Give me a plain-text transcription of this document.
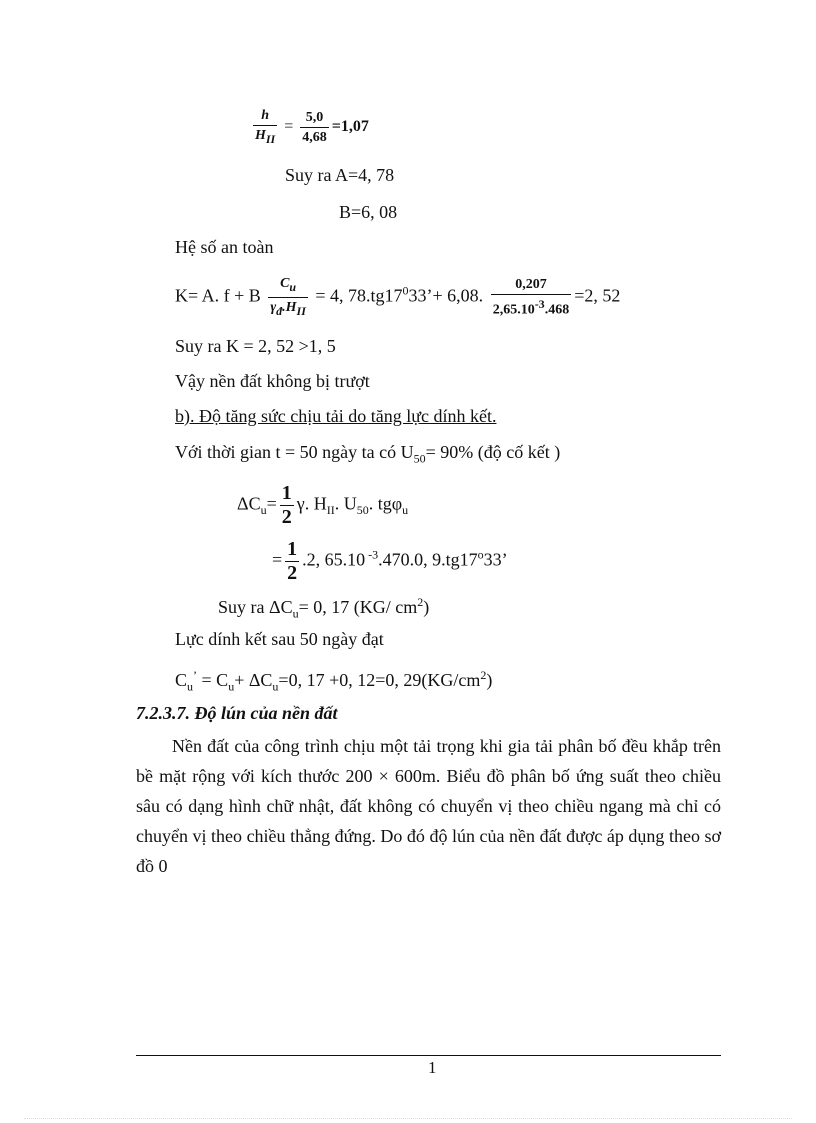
$\frac{h}{H_{II}} = \frac{5,0}{4,68} =1,07$
Suy ra A=4, 78
B=6, 08
Hệ số an toàn
K= A. f + B $\frac{C_u}{\gamma_đ.H_{II}} = 4$, $78.tg17^033’+ 6,08$. $\frac{0,207}{2,65.10^{-3}.468} =2$, 52
Suy ra K = 2, 52 >1, 5
Vậy nền đất không bị trượt
b). Độ tăng sức chịu tải do tăng lực dính kết.
Với thời gian t = 50 ngày ta có $U_{50}= 90\%$ (độ cố kết )
$\Delta C_u= \frac{1}{2} \gamma$. $H_{II}$. $U_{50}$. tgφ$_u$
= $\frac{1}{2} .2$, 65.10 $^{-3}$.470.0, 9.tg17$^o$33’
Suy ra $\Delta C_u= 0$, 17 (KG/ $cm^2$)
Lực dính kết sau 50 ngày đạt
$C_u^’ = C_u+ \Delta C_u=0$, 17 +0, 12=0, $29(KG/cm^2)$
7.2.3.7. Độ lún của nền đất
Nền đất của công trình chịu một tải trọng khi gia tải phân bố đều khắp trên bề mặt rộng với kích thước 200 × 600m. Biểu đồ phân bố ứng suất theo chiều sâu có dạng hình chữ nhật, đất không có chuyển vị theo chiều ngang mà chỉ có chuyển vị theo chiều thẳng đứng. Do đó độ lún của nền đất được áp dụng theo sơ đồ 0
1
